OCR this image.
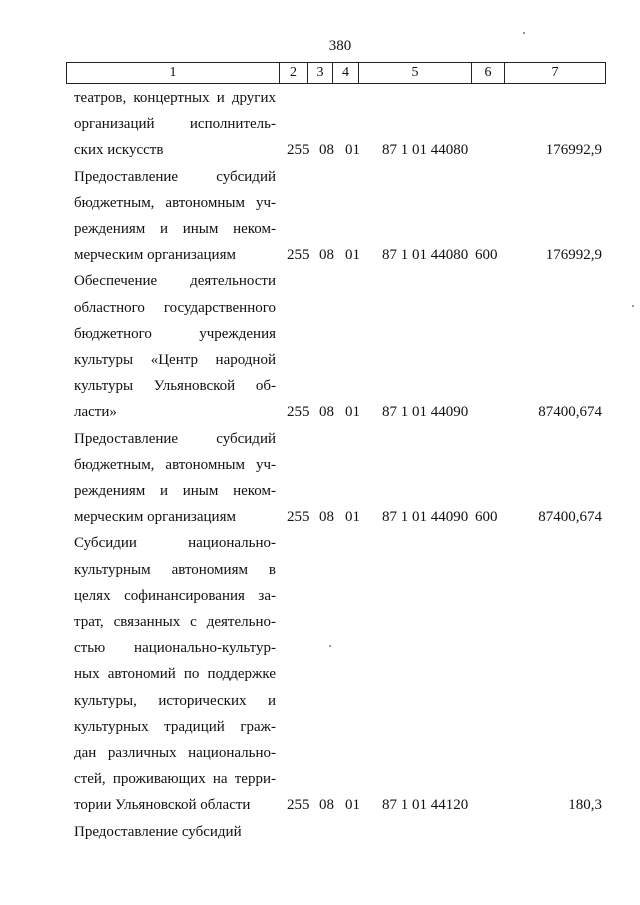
380
1	2	3	4	5	6	7
театров, концертных и других
организаций исполнитель-
ских искусств	255 08 01 87 1 01 44080	176992,9
Предоставление субсидий
бюджетным, автономным уч-
реждениям и иным неком-
мерческим организациям	255 08 01 87 1 01 44080 600	176992,9
Обеспечение деятельности
областного государственного
бюджетного учреждения
культуры «Центр народной
культуры Ульяновской об-
ласти»	255 08 01 87 1 01 44090	87400,674
Предоставление субсидий
бюджетным, автономным уч-
реждениям и иным неком-
мерческим организациям	255 08 01 87 1 01 44090 600	87400,674
Субсидии национально-
культурным автономиям в
целях софинансирования за-
трат, связанных с деятельно-
стью национально-культур-
ных автономий по поддержке
культуры, исторических и
культурных традиций граж-
дан различных национально-
стей, проживающих на терри-
тории Ульяновской области	255 08 01 87 1 01 44120	180,3
Предоставление субсидий
